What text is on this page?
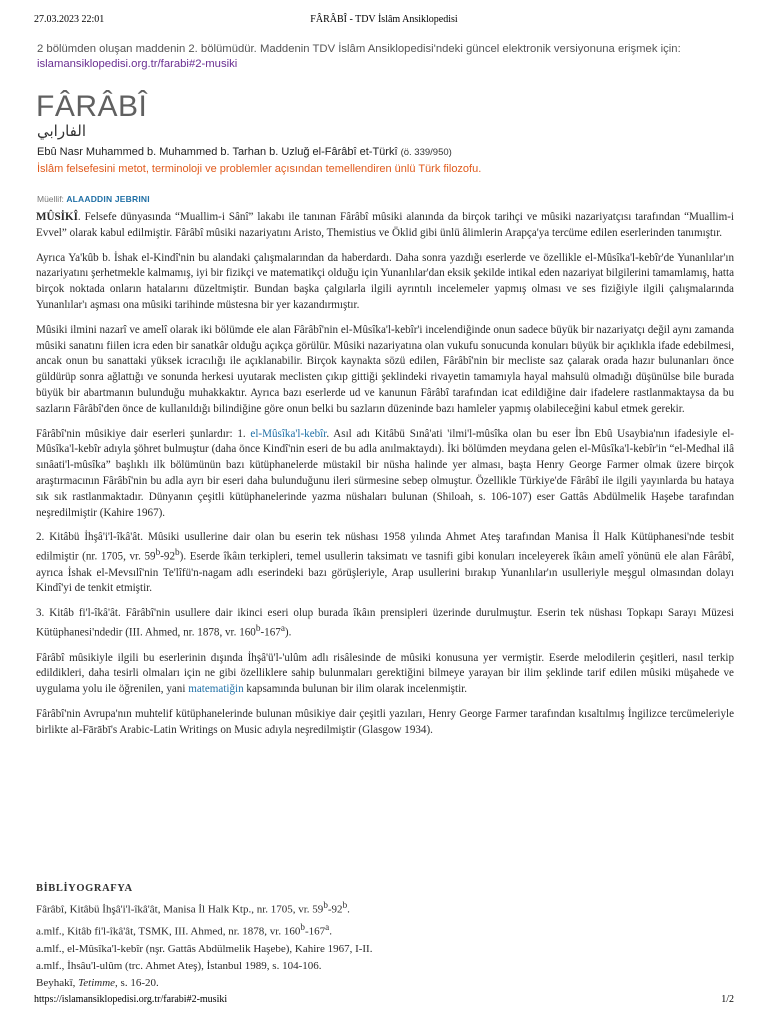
27.03.2023 22:01	FÂRÂBÎ - TDV İslâm Ansiklopedisi
2 bölümden oluşan maddenin 2. bölümüdür. Maddenin TDV İslâm Ansiklopedisi'ndeki güncel elektronik versiyonuna erişmek için:
islamansiklopedisi.org.tr/farabi#2-musiki
FÂRÂBÎ
الفارابي
Ebû Nasr Muhammed b. Muhammed b. Tarhan b. Uzluğ el-Fârâbî et-Türkî (ö. 339/950)
İslâm felsefesini metot, terminoloji ve problemler açısından temellendiren ünlü Türk filozofu.
Müellif: ALAADDIN JEBRINI

MÛSİKÎ. Felsefe dünyasında “Muallim-i Sânî” lakabı ile tanınan Fârâbî mûsiki alanında da birçok tarihçi ve mûsiki nazariyatçısı tarafından “Muallim-i Evvel” olarak kabul edilmiştir. Fârâbî mûsiki nazariyatını Aristo, Themistius ve Öklid gibi ünlü âlimlerin Arapça'ya tercüme edilen eserlerinden tanımıştır.

Ayrıca Ya'kûb b. İshak el-Kindî'nin bu alandaki çalışmalarından da haberdardı. Daha sonra yazdığı eserlerde ve özellikle el-Mûsîka'l-kebîr'de Yunanlılar'ın nazariyatını şerhetmekle kalmamış, iyi bir fizikçi ve matematikçi olduğu için Yunanlılar'dan eksik şekilde intikal eden nazariyat bilgilerini tamamlamış, hatta birçok noktada onların hatalarını düzeltmiştir. Bundan başka çalgılarla ilgili ayrıntılı incelemeler yapmış olması ve ses fiziğiyle ilgili çalışmalarında Yunanlılar'ı aşması ona mûsiki tarihinde müstesna bir yer kazandırmıştır.

Mûsiki ilmini nazarî ve amelî olarak iki bölümde ele alan Fârâbî'nin el-Mûsîka'l-kebîr'i incelendiğinde onun sadece büyük bir nazariyatçı değil aynı zamanda mûsiki sanatını fiilen icra eden bir sanatkâr olduğu açıkça görülür. Mûsiki nazariyatına olan vukufu sonucunda konuları büyük bir açıklıkla ifade edebilmesi, ancak onun bu sanattaki yüksek icracılığı ile açıklanabilir. Birçok kaynakta sözü edilen, Fârâbî'nin bir mecliste saz çalarak orada hazır bulunanları önce güldürüp sonra ağlattığı ve sonunda herkesi uyutarak meclisten çıkıp gittiği şeklindeki rivayetin tamamıyla hayal mahsulü olmadığı düşünülse bile burada büyük bir abartmanın bulunduğu muhakkaktır. Ayrıca bazı eserlerde ud ve kanunun Fârâbî tarafından icat edildiğine dair ifadelere rastlanmaktaysa da bu sazların Fârâbî'den önce de kullanıldığı bilindiğine göre onun belki bu sazların düzeninde bazı hamleler yapmış olabileceğini kabul etmek gerekir.

Fârâbî'nin mûsikiye dair eserleri şunlardır: 1. el-Mûsîka'l-kebîr. Asıl adı Kitâbü Sınâ'ati 'ilmi'l-mûsîka olan bu eser İbn Ebû Usaybia'nın ifadesiyle el-Mûsîka'l-kebîr adıyla şöhret bulmuştur (daha önce Kindî'nin eseri de bu adla anılmaktaydı). İki bölümden meydana gelen el-Mûsîka'l-kebîr'in “el-Medhal ilâ sınâati'l-mûsîka” başlıklı ilk bölümünün bazı kütüphanelerde müstakil bir nüsha halinde yer alması, başta Henry George Farmer olmak üzere birçok araştırmacının Fârâbî'nin bu adla ayrı bir eseri daha bulunduğunu ileri sürmesine sebep olmuştur. Özellikle Türkiye'de Fârâbî ile ilgili yayınlarda bu hataya sık sık rastlanmaktadır. Dünyanın çeşitli kütüphanelerinde yazma nüshaları bulunan (Shiloah, s. 106-107) eser Gattâs Abdülmelik Haşebe tarafından neşredilmiştir (Kahire 1967).

2. Kitâbü İhşâ'i'l-îkâ'ât. Mûsiki usullerine dair olan bu eserin tek nüshası 1958 yılında Ahmet Ateş tarafından Manisa İl Halk Kütüphanesi'nde tesbit edilmiştir (nr. 1705, vr. 59$^b$-92$^b$). Eserde îkâın terkipleri, temel usullerin taksimatı ve tasnifi gibi konuları inceleyerek îkâın amelî yönünü ele alan Fârâbî, ayrıca İshak el-Mevsılî'nin Te'lîfü'n-nagam adlı eserindeki bazı görüşleriyle, Arap usullerini bırakıp Yunanlılar'ın usulleriyle meşgul olmasından dolayı Kindî'yi de tenkit etmiştir.

3. Kitâb fi'l-îkâ'ât. Fârâbî'nin usullere dair ikinci eseri olup burada îkâın prensipleri üzerinde durulmuştur. Eserin tek nüshası Topkapı Sarayı Müzesi Kütüphanesi'ndedir (III. Ahmed, nr. 1878, vr. 160$^b$-167$^a$).

Fârâbî mûsikiyle ilgili bu eserlerinin dışında İhşâ'ü'l-'ulûm adlı risâlesinde de mûsiki konusuna yer vermiştir. Eserde melodilerin çeşitleri, nasıl terkip edildikleri, daha tesirli olmaları için ne gibi özelliklere sahip bulunmaları gerektiğini bilmeye yarayan bir ilim şeklinde tarif edilen mûsiki müşahede ve uygulama yolu ile öğrenilen, yani matematiğin kapsamında bulunan bir ilim olarak incelenmiştir.

Fârâbî'nin Avrupa'nın muhtelif kütüphanelerinde bulunan mûsikiye dair çeşitli yazıları, Henry George Farmer tarafından kısaltılmış İngilizce tercümeleriyle birlikte al-Fārābī's Arabic-Latin Writings on Music adıyla neşredilmiştir (Glasgow 1934).

BİBLİYOGRAFYA
Fârâbî, Kitâbü İhşâ'i'l-îkâ'ât, Manisa İl Halk Ktp., nr. 1705, vr. 59$^b$-92$^b$.
a.mlf., Kitâb fi'l-îkâ'ât, TSMK, III. Ahmed, nr. 1878, vr. 160$^b$-167$^a$.
a.mlf., el-Mûsîka'l-kebîr (nşr. Gattâs Abdülmelik Haşebe), Kahire 1967, I-II.
a.mlf., İhsâu'l-ulûm (trc. Ahmet Ateş), İstanbul 1989, s. 104-106.
Beyhakī, Tetimme, s. 16-20.
https://islamansiklopedisi.org.tr/farabi#2-musiki	1/2
